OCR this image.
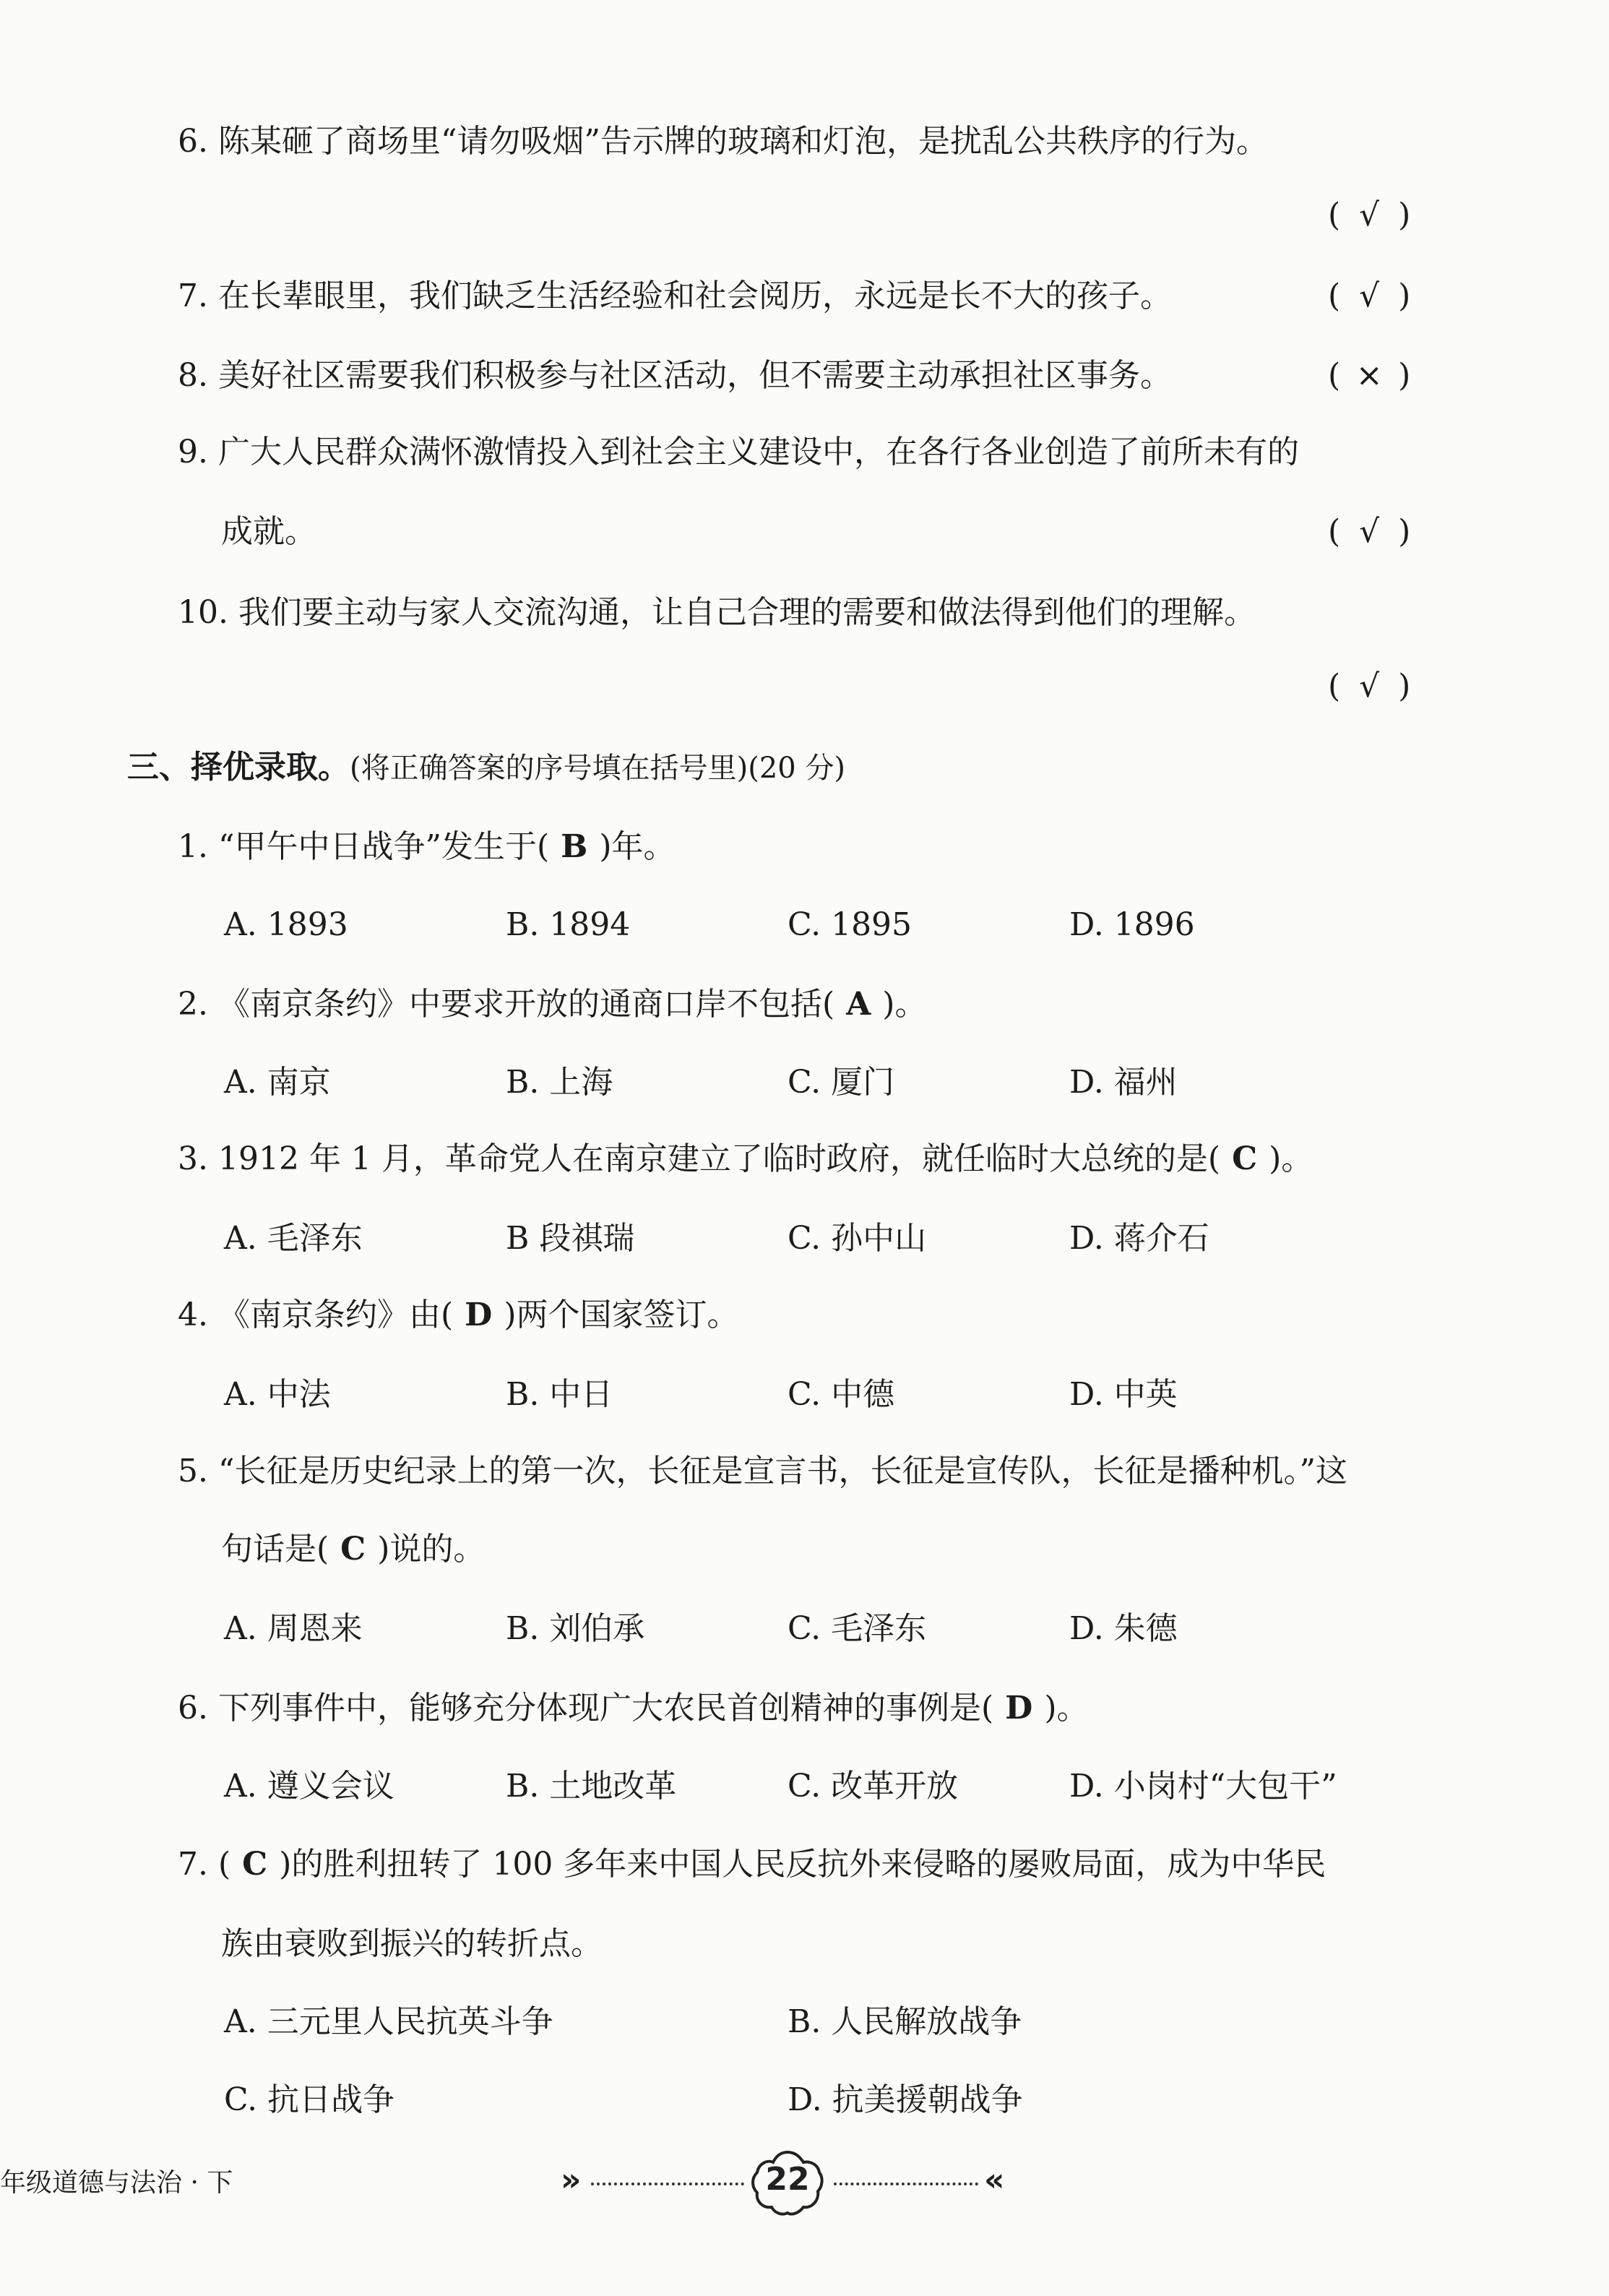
6. 陈某砸了商场里“请勿吸烟”告示牌的玻璃和灯泡，是扰乱公共秩序的行为。
( √ )
7. 在长辈眼里，我们缺乏生活经验和社会阅历，永远是长不大的孩子。	( √ )
8. 美好社区需要我们积极参与社区活动，但不需要主动承担社区事务。	( × )
9. 广大人民群众满怀激情投入到社会主义建设中，在各行各业创造了前所未有的
成就。	( √ )
10. 我们要主动与家人交流沟通，让自己合理的需要和做法得到他们的理解。
( √ )
三、择优录取。(将正确答案的序号填在括号里)(20 分)
1. “甲午中日战争”发生于( B )年。
A. 1893	B. 1894	C. 1895	D. 1896
2. 《南京条约》中要求开放的通商口岸不包括( A )。
A. 南京	B. 上海	C. 厦门	D. 福州
3. 1912 年 1 月，革命党人在南京建立了临时政府，就任临时大总统的是( C )。
A. 毛泽东	B 段祺瑞	C. 孙中山	D. 蒋介石
4. 《南京条约》由( D )两个国家签订。
A. 中法	B. 中日	C. 中德	D. 中英
5. “长征是历史纪录上的第一次，长征是宣言书，长征是宣传队，长征是播种机。”这
句话是( C )说的。
A. 周恩来	B. 刘伯承	C. 毛泽东	D. 朱德
6. 下列事件中，能够充分体现广大农民首创精神的事例是( D )。
A. 遵义会议	B. 土地改革	C. 改革开放	D. 小岗村“大包干”
7. ( C )的胜利扭转了 100 多年来中国人民反抗外来侵略的屡败局面，成为中华民
族由衰败到振兴的转折点。
A. 三元里人民抗英斗争	B. 人民解放战争
C. 抗日战争	D. 抗美援朝战争
年级道德与法治 · 下	»	22	«
